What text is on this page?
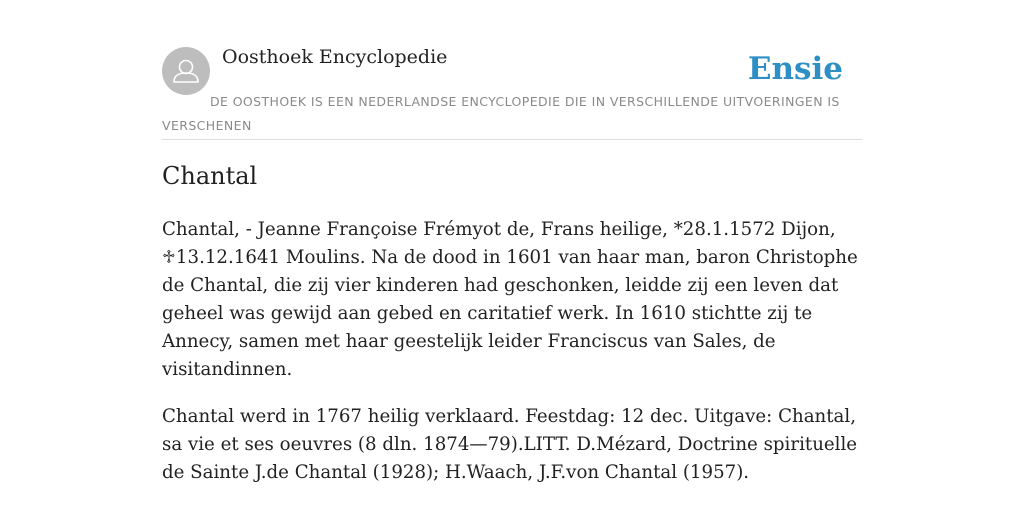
Oosthoek Encyclopedie	Ensie
DE OOSTHOEK IS EEN NEDERLANDSE ENCYCLOPEDIE DIE IN VERSCHILLENDE UITVOERINGEN IS VERSCHENEN
Chantal

Chantal, - Jeanne Françoise Frémyot de, Frans heilige, *28.1.1572 Dijon, ♱13.12.1641 Moulins. Na de dood in 1601 van haar man, baron Christophe de Chantal, die zij vier kinderen had geschonken, leidde zij een leven dat geheel was gewijd aan gebed en caritatief werk. In 1610 stichtte zij te Annecy, samen met haar geestelijk leider Franciscus van Sales, de visitandinnen.

Chantal werd in 1767 heilig verklaard. Feestdag: 12 dec. Uitgave: Chantal, sa vie et ses oeuvres (8 dln. 1874—79).LITT. D.Mézard, Doctrine spirituelle de Sainte J.de Chantal (1928); H.Waach, J.F.von Chantal (1957).
